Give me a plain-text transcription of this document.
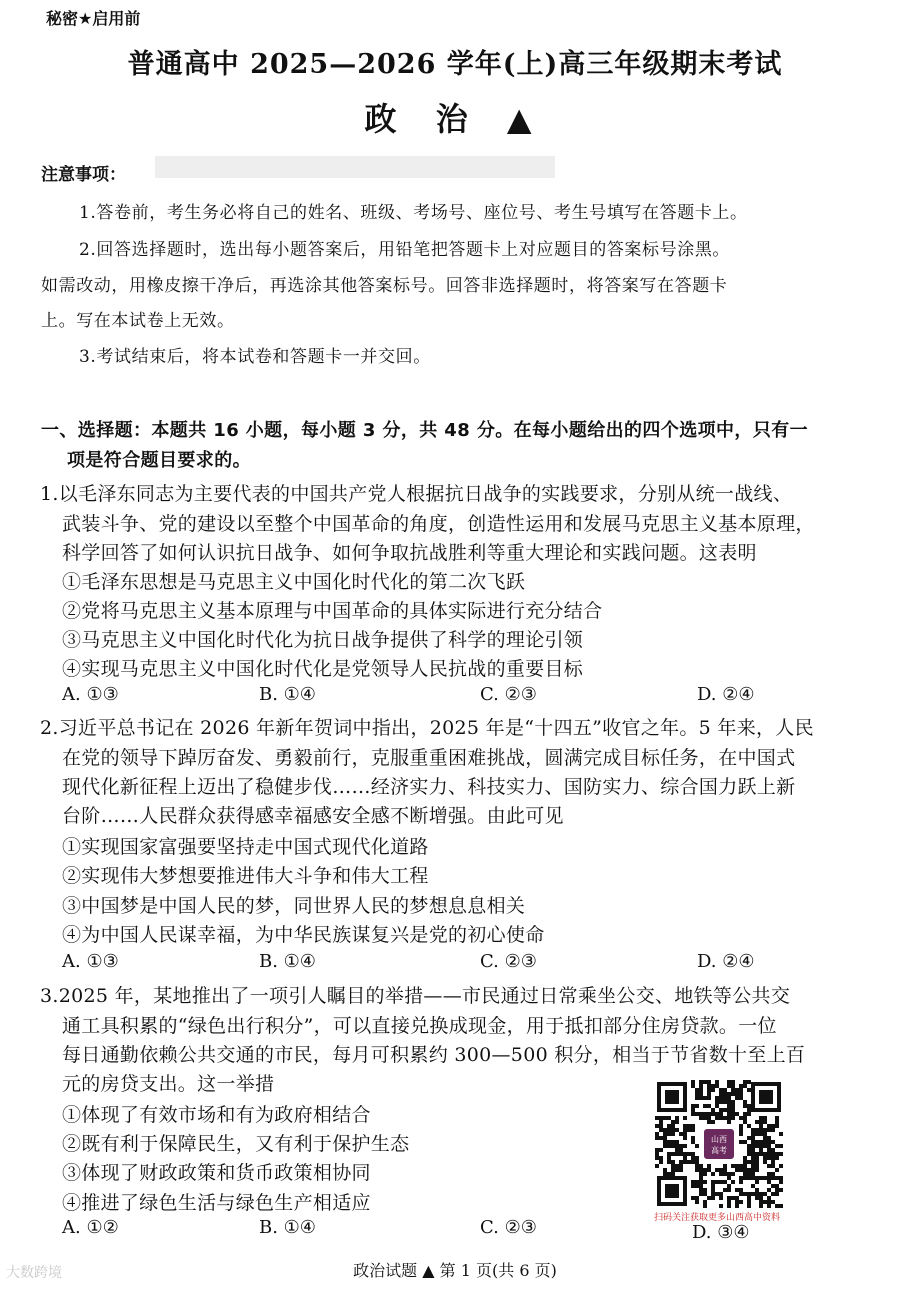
秘密★启用前
普通高中 2025—2026 学年(上)高三年级期末考试
政 治 ▲
注意事项：
1.答卷前，考生务必将自己的姓名、班级、考场号、座位号、考生号填写在答题卡上。
2.回答选择题时，选出每小题答案后，用铅笔把答题卡上对应题目的答案标号涂黑。
如需改动，用橡皮擦干净后，再选涂其他答案标号。回答非选择题时，将答案写在答题卡
上。写在本试卷上无效。
3.考试结束后，将本试卷和答题卡一并交回。
一、选择题：本题共 16 小题，每小题 3 分，共 48 分。在每小题给出的四个选项中，只有一
项是符合题目要求的。
1.以毛泽东同志为主要代表的中国共产党人根据抗日战争的实践要求，分别从统一战线、
武装斗争、党的建设以至整个中国革命的角度，创造性运用和发展马克思主义基本原理，
科学回答了如何认识抗日战争、如何争取抗战胜利等重大理论和实践问题。这表明
①毛泽东思想是马克思主义中国化时代化的第二次飞跃
②党将马克思主义基本原理与中国革命的具体实际进行充分结合
③马克思主义中国化时代化为抗日战争提供了科学的理论引领
④实现马克思主义中国化时代化是党领导人民抗战的重要目标
A. ①③	B. ①④	C. ②③	D. ②④
2.习近平总书记在 2026 年新年贺词中指出，2025 年是“十四五”收官之年。5 年来，人民
在党的领导下踔厉奋发、勇毅前行，克服重重困难挑战，圆满完成目标任务，在中国式
现代化新征程上迈出了稳健步伐……经济实力、科技实力、国防实力、综合国力跃上新
台阶……人民群众获得感幸福感安全感不断增强。由此可见
①实现国家富强要坚持走中国式现代化道路
②实现伟大梦想要推进伟大斗争和伟大工程
③中国梦是中国人民的梦，同世界人民的梦想息息相关
④为中国人民谋幸福，为中华民族谋复兴是党的初心使命
A. ①③	B. ①④	C. ②③	D. ②④
3.2025 年，某地推出了一项引人瞩目的举措——市民通过日常乘坐公交、地铁等公共交
通工具积累的“绿色出行积分”，可以直接兑换成现金，用于抵扣部分住房贷款。一位
每日通勤依赖公共交通的市民，每月可积累约 300—500 积分，相当于节省数十至上百
元的房贷支出。这一举措
①体现了有效市场和有为政府相结合
②既有利于保障民生，又有利于保护生态
③体现了财政政策和货币政策相协同
④推进了绿色生活与绿色生产相适应
A. ①②	B. ①④	C. ②③	D. ③④
山西
高考
扫码关注获取更多山西高中资料
政治试题 ▲ 第 1 页(共 6 页)
大数跨境
